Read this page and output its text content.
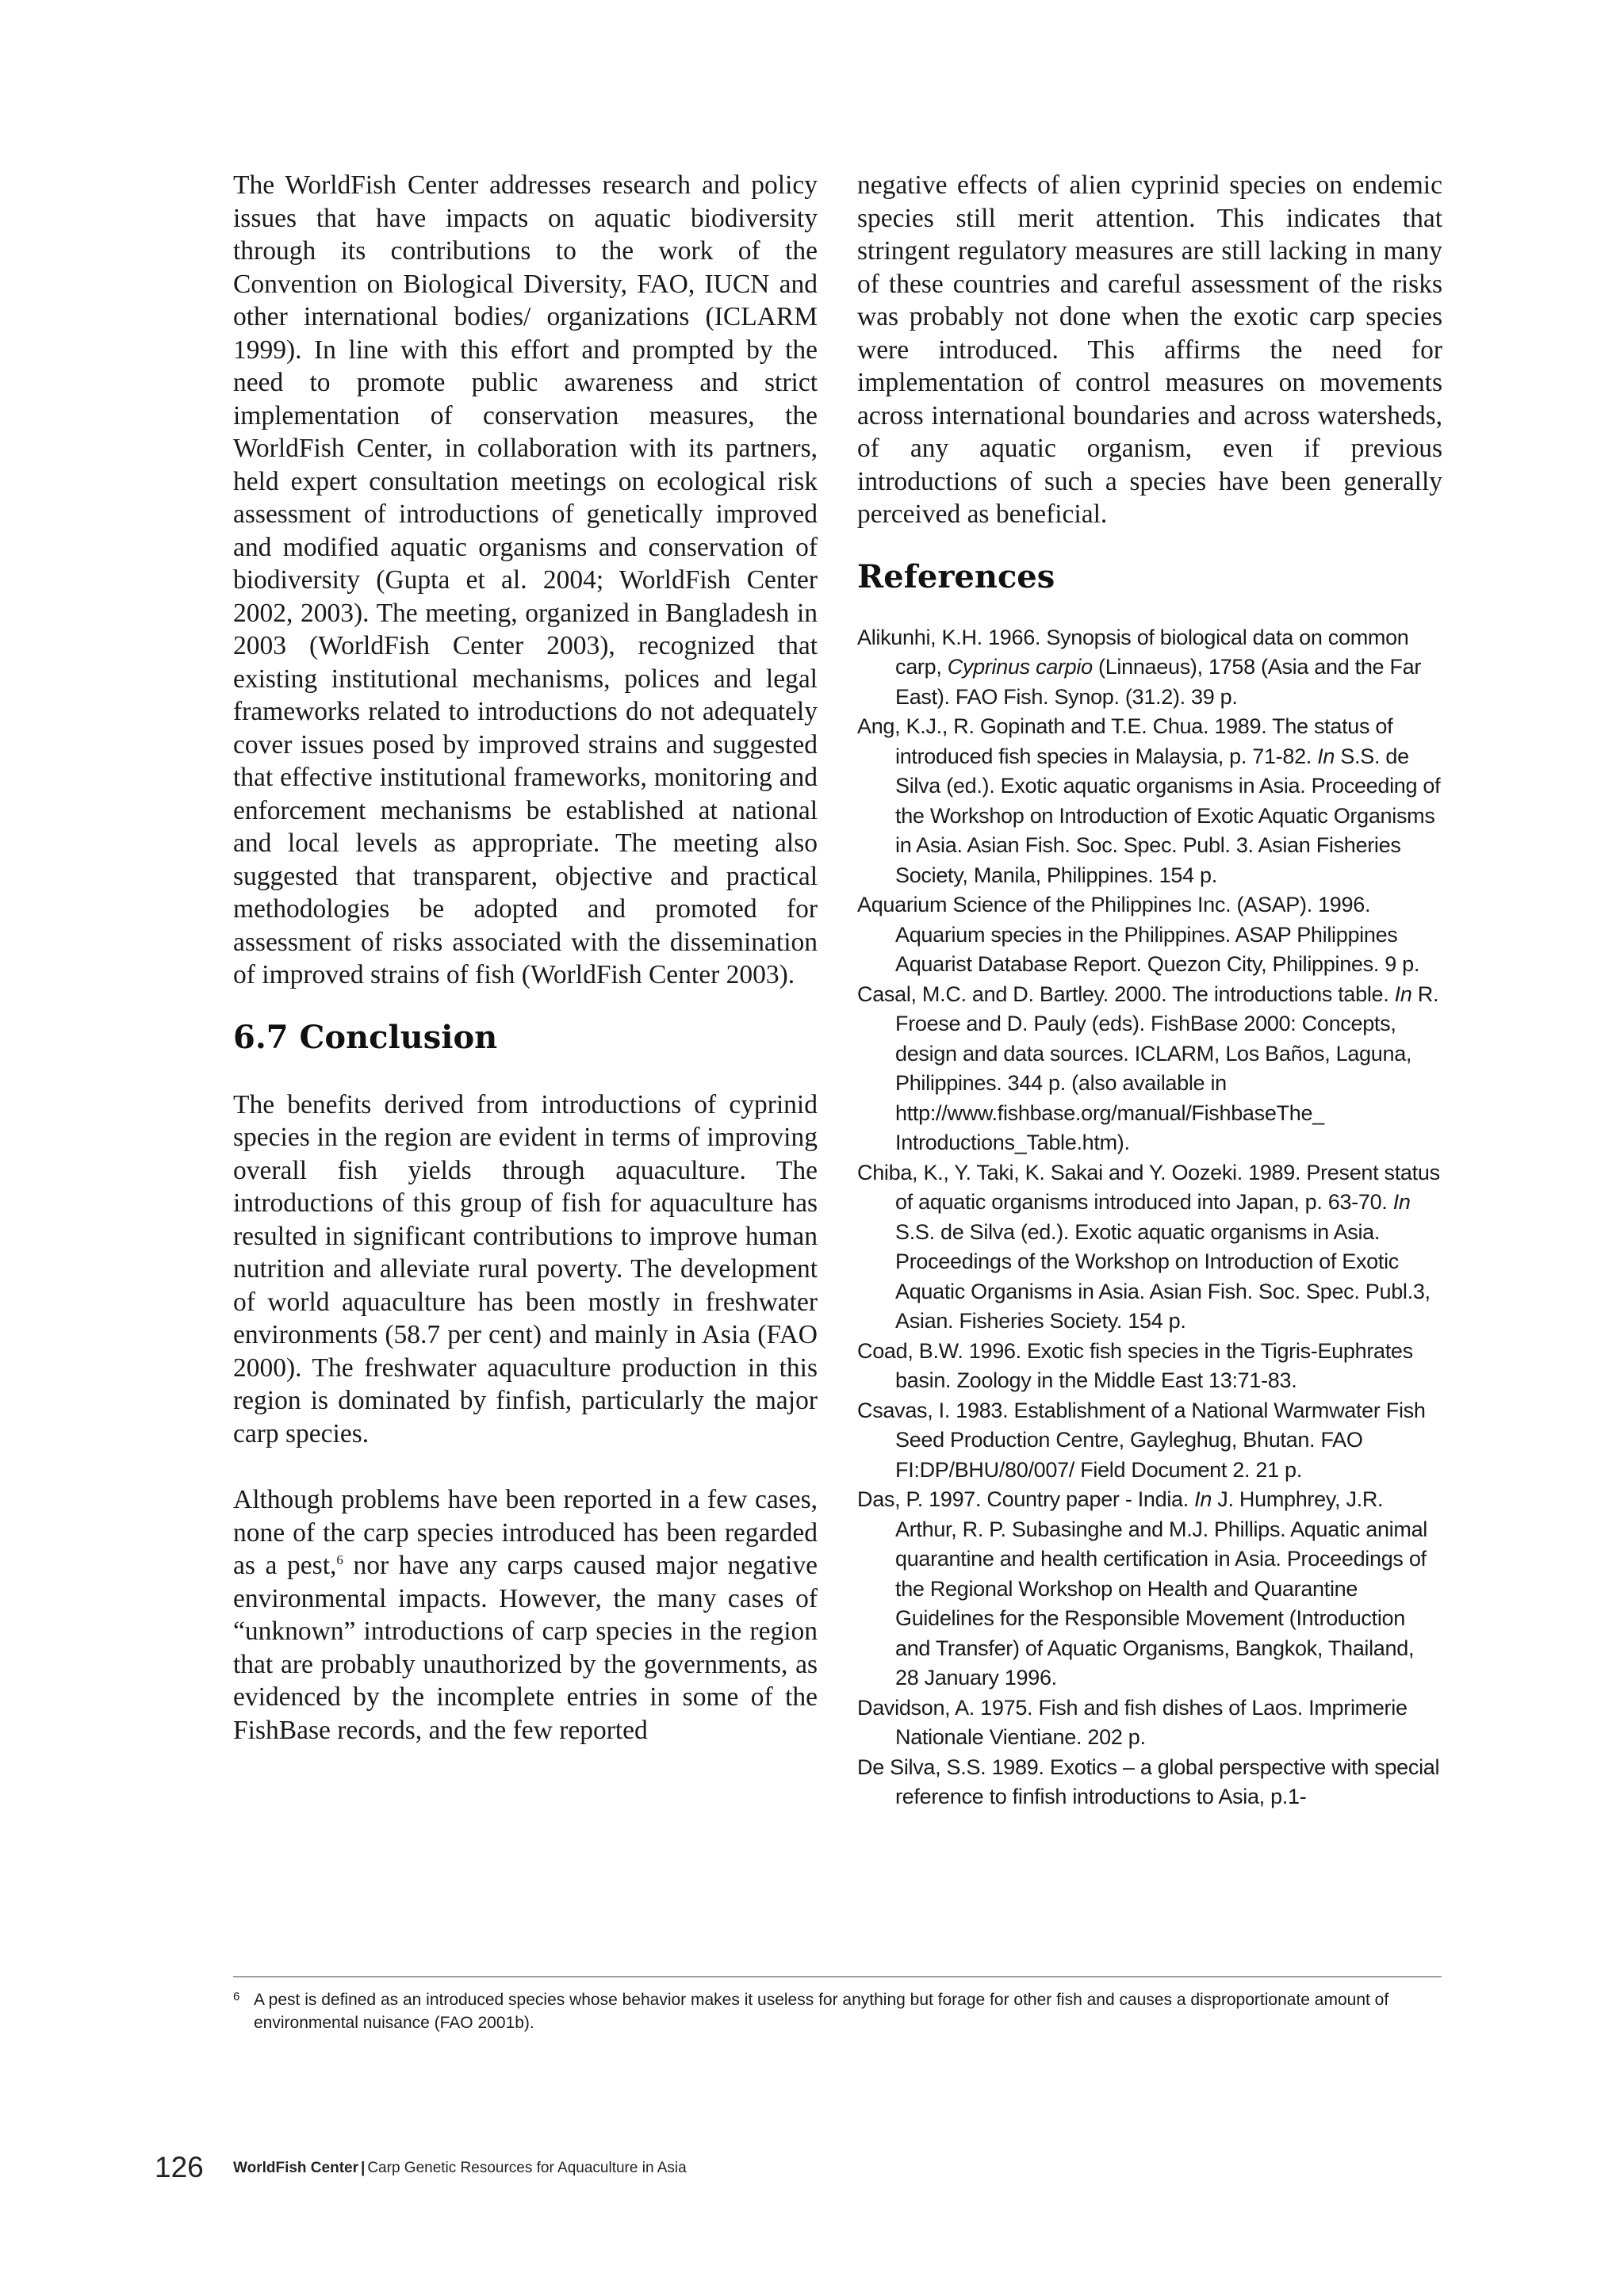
The WorldFish Center addresses research and policy issues that have impacts on aquatic biodiversity through its contributions to the work of the Convention on Biological Diversity, FAO, IUCN and other international bodies/ organizations (ICLARM 1999). In line with this effort and prompted by the need to promote public awareness and strict implementation of conservation measures, the WorldFish Center, in collaboration with its partners, held expert consultation meetings on ecological risk assessment of introductions of genetically improved and modified aquatic organisms and conservation of biodiversity (Gupta et al. 2004; WorldFish Center 2002, 2003). The meeting, organized in Bangladesh in 2003 (WorldFish Center 2003), recognized that existing institutional mechanisms, polices and legal frameworks related to introductions do not adequately cover issues posed by improved strains and suggested that effective institutional frameworks, monitoring and enforcement mechanisms be established at national and local levels as appropriate. The meeting also suggested that transparent, objective and practical methodologies be adopted and promoted for assessment of risks associated with the dissemination of improved strains of fish (WorldFish Center 2003).

6.7 Conclusion

The benefits derived from introductions of cyprinid species in the region are evident in terms of improving overall fish yields through aquaculture. The introductions of this group of fish for aquaculture has resulted in significant contributions to improve human nutrition and alleviate rural poverty. The development of world aquaculture has been mostly in freshwater environments (58.7 per cent) and mainly in Asia (FAO 2000). The freshwater aquaculture production in this region is dominated by finfish, particularly the major carp species.

Although problems have been reported in a few cases, none of the carp species introduced has been regarded as a pest,$^6$ nor have any carps caused major negative environmental impacts. However, the many cases of “unknown” introductions of carp species in the region that are probably unauthorized by the governments, as evidenced by the incomplete entries in some of the FishBase records, and the few reported

negative effects of alien cyprinid species on endemic species still merit attention. This indicates that stringent regulatory measures are still lacking in many of these countries and careful assessment of the risks was probably not done when the exotic carp species were introduced. This affirms the need for implementation of control measures on movements across international boundaries and across watersheds, of any aquatic organism, even if previous introductions of such a species have been generally perceived as beneficial.

References
Alikunhi, K.H. 1966. Synopsis of biological data on common carp, Cyprinus carpio (Linnaeus), 1758 (Asia and the Far East). FAO Fish. Synop. (31.2). 39 p.
Ang, K.J., R. Gopinath and T.E. Chua. 1989. The status of introduced fish species in Malaysia, p. 71-82. In S.S. de Silva (ed.). Exotic aquatic organisms in Asia. Proceeding of the Workshop on Introduction of Exotic Aquatic Organisms in Asia. Asian Fish. Soc. Spec. Publ. 3. Asian Fisheries Society, Manila, Philippines. 154 p.
Aquarium Science of the Philippines Inc. (ASAP). 1996. Aquarium species in the Philippines. ASAP Philippines Aquarist Database Report. Quezon City, Philippines. 9 p.
Casal, M.C. and D. Bartley. 2000. The introductions table. In R. Froese and D. Pauly (eds). FishBase 2000: Concepts, design and data sources. ICLARM, Los Baños, Laguna, Philippines. 344 p. (also available in http://www.fishbase.org/manual/FishbaseThe_ Introductions_Table.htm).
Chiba, K., Y. Taki, K. Sakai and Y. Oozeki. 1989. Present status of aquatic organisms introduced into Japan, p. 63-70. In S.S. de Silva (ed.). Exotic aquatic organisms in Asia. Proceedings of the Workshop on Introduction of Exotic Aquatic Organisms in Asia. Asian Fish. Soc. Spec. Publ.3, Asian. Fisheries Society. 154 p.
Coad, B.W. 1996. Exotic fish species in the Tigris-Euphrates basin. Zoology in the Middle East 13:71-83.
Csavas, I. 1983. Establishment of a National Warmwater Fish Seed Production Centre, Gayleghug, Bhutan. FAO FI:DP/BHU/80/007/ Field Document 2. 21 p.
Das, P. 1997. Country paper - India. In J. Humphrey, J.R. Arthur, R. P. Subasinghe and M.J. Phillips. Aquatic animal quarantine and health certification in Asia. Proceedings of the Regional Workshop on Health and Quarantine Guidelines for the Responsible Movement (Introduction and Transfer) of Aquatic Organisms, Bangkok, Thailand, 28 January 1996.
Davidson, A. 1975. Fish and fish dishes of Laos. Imprimerie Nationale Vientiane. 202 p.
De Silva, S.S. 1989. Exotics – a global perspective with special reference to finfish introductions to Asia, p.1-

6 A pest is defined as an introduced species whose behavior makes it useless for anything but forage for other fish and causes a disproportionate amount of environmental nuisance (FAO 2001b).

126 WorldFish Center | Carp Genetic Resources for Aquaculture in Asia
